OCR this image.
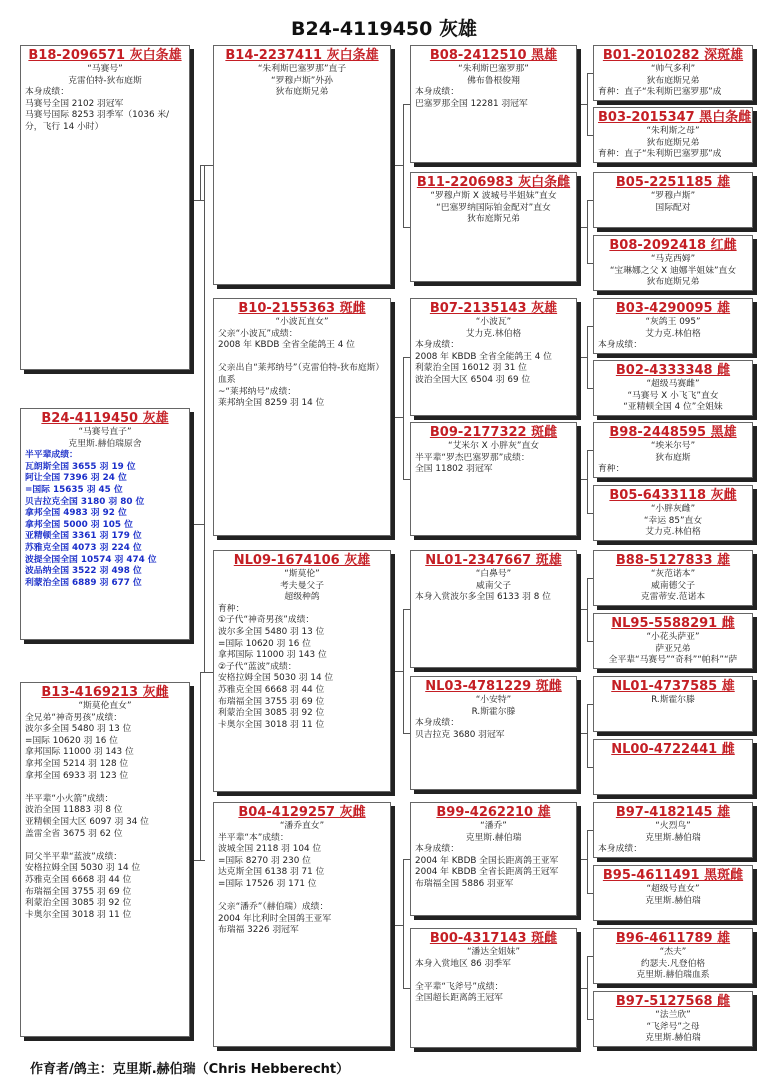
B24-4119450 灰雄
B18-2096571 灰白条雄
“马赛号”
克雷伯特-狄布庭斯
本身成绩：
马赛号全国 2102 羽冠军
马赛号国际 8253 羽季军（1036 米/分，飞行 14 小时）
B24-4119450 灰雄
“马赛号直子”
克里斯.赫伯瑞原舍
半平辈成绩：
瓦朗斯全国 3655 羽 19 位
阿让全国 7396 羽 24 位
=国际 15635 羽 45 位
贝吉拉克全国 3180 羽 80 位
拿邦全国 4983 羽 92 位
拿邦全国 5000 羽 105 位
亚精顿全国 3361 羽 179 位
苏雅克全国 4073 羽 224 位
波提全国全国 10574 羽 474 位
波品纳全国 3522 羽 498 位
利蒙治全国 6889 羽 677 位
B13-4169213 灰雌
“斯莫伦直女”
全兄弟“神奇男孩”成绩：
波尔多全国 5480 羽 13 位
=国际 10620 羽 16 位
拿邦国际 11000 羽 143 位
拿邦全国 5214 羽 128 位
拿邦全国 6933 羽 123 位

半平辈“小火箭”成绩：
波治全国 11883 羽 8 位
亚精顿全国大区 6097 羽 34 位
盖雷全省 3675 羽 62 位

同父半平辈“蓝波”成绩：
安格拉姆全国 5030 羽 14 位
苏雅克全国 6668 羽 44 位
布瑞福全国 3755 羽 69 位
利蒙治全国 3085 羽 92 位
卡奥尔全国 3018 羽 11 位
B14-2237411 灰白条雄
“朱利斯巴塞罗那”直子
“罗穆卢斯”外孙
狄布庭斯兄弟
B10-2155363 斑雌
“小波瓦直女”
父亲“小波瓦”成绩：
2008 年 KBDB 全省全能鸽王 4 位

父亲出自“莱邦纳号”（克雷伯特-狄布庭斯）血系
~“莱邦纳号”成绩：
莱邦纳全国 8259 羽 14 位
NL09-1674106 灰雄
“斯莫伦”
考夫曼父子
超级种鸽
育种：
①子代“神奇男孩”成绩：
波尔多全国 5480 羽 13 位
=国际 10620 羽 16 位
拿邦国际 11000 羽 143 位
②子代“蓝波”成绩：
安格拉姆全国 5030 羽 14 位
苏雅克全国 6668 羽 44 位
布瑞福全国 3755 羽 69 位
利蒙治全国 3085 羽 92 位
卡奥尔全国 3018 羽 11 位
B04-4129257 灰雌
“潘乔直女”
半平辈“本”成绩：
波城全国 2118 羽 104 位
=国际 8270 羽 230 位
达克斯全国 6138 羽 71 位
=国际 17526 羽 171 位

父亲“潘乔”（赫伯瑞）成绩：
2004 年比利时全国鸽王亚军
布瑞福 3226 羽冠军
B08-2412510 黑雄
“朱利斯巴塞罗那”
佛布鲁根俊翔
本身成绩：
巴塞罗那全国 12281 羽冠军
B11-2206983 灰白条雌
“罗穆卢斯 X 波城号半姐妹”直女
“巴塞罗纳国际铂金配对”直女
狄布庭斯兄弟
B07-2135143 灰雄
“小波瓦”
艾力克.林伯格
本身成绩：
2008 年 KBDB 全省全能鸽王 4 位
利蒙治全国 16012 羽 31 位
波治全国大区 6504 羽 69 位
B09-2177322 斑雌
“艾米尔 X 小胖灰”直女
半平辈“罗杰巴塞罗那”成绩：
全国 11802 羽冠军
NL01-2347667 斑雄
“白鼻号”
威南父子
本身入赏波尔多全国 6133 羽 8 位
NL03-4781229 斑雌
“小安特”
R.斯霍尔滕
本身成绩：
贝吉拉克 3680 羽冠军
B99-4262210 雄
“潘乔”
克里斯.赫伯瑞
本身成绩：
2004 年 KBDB 全国长距离鸽王亚军
2004 年 KBDB 全省长距离鸽王冠军
布瑞福全国 5886 羽亚军
B00-4317143 斑雌
“潘达全姐妹”
本身入赏地区 86 羽季军

全平辈“飞斧号”成绩：
全国超长距离鸽王冠军
B01-2010282 深斑雄
“帅气多利”
狄布庭斯兄弟
育种：直子“朱利斯巴塞罗那”成
B03-2015347 黑白条雌
“朱利斯之母”
狄布庭斯兄弟
育种：直子“朱利斯巴塞罗那”成
B05-2251185 雄
“罗穆卢斯”
国际配对
B08-2092418 红雌
“马克西姆”
“宝琳娜之父 X 迪娜半姐妹”直女
狄布庭斯兄弟
B03-4290095 雄
“灰鸽王 095”
艾力克.林伯格
本身成绩：
B02-4333348 雌
“超级马赛雌”
“马赛号 X 小飞飞”直女
“亚精顿全国 4 位”全姐妹
B98-2448595 黑雄
“埃米尔号”
狄布庭斯
育种：
B05-6433118 灰雌
“小胖灰雌”
“幸运 85”直女
艾力克.林伯格
B88-5127833 雄
“灰范诺本”
威南德父子
克雷蒂安.范诺本
NL95-5588291 雌
“小花头萨亚”
萨亚兄弟
全平辈“马赛号”“奇科”“帕科”“萨
NL01-4737585 雄
R.斯霍尔滕
NL00-4722441 雌
B97-4182145 雄
“火烈鸟”
克里斯.赫伯瑞
本身成绩：
B95-4611491 黑斑雌
“超级号直女”
克里斯.赫伯瑞
B96-4611789 雄
“杰夫”
约瑟夫.凡登伯格
克里斯.赫伯瑞血系
B97-5127568 雌
“法兰欣”
“飞斧号”之母
克里斯.赫伯瑞
作育者/鸽主：克里斯.赫伯瑞（Chris Hebberecht）
